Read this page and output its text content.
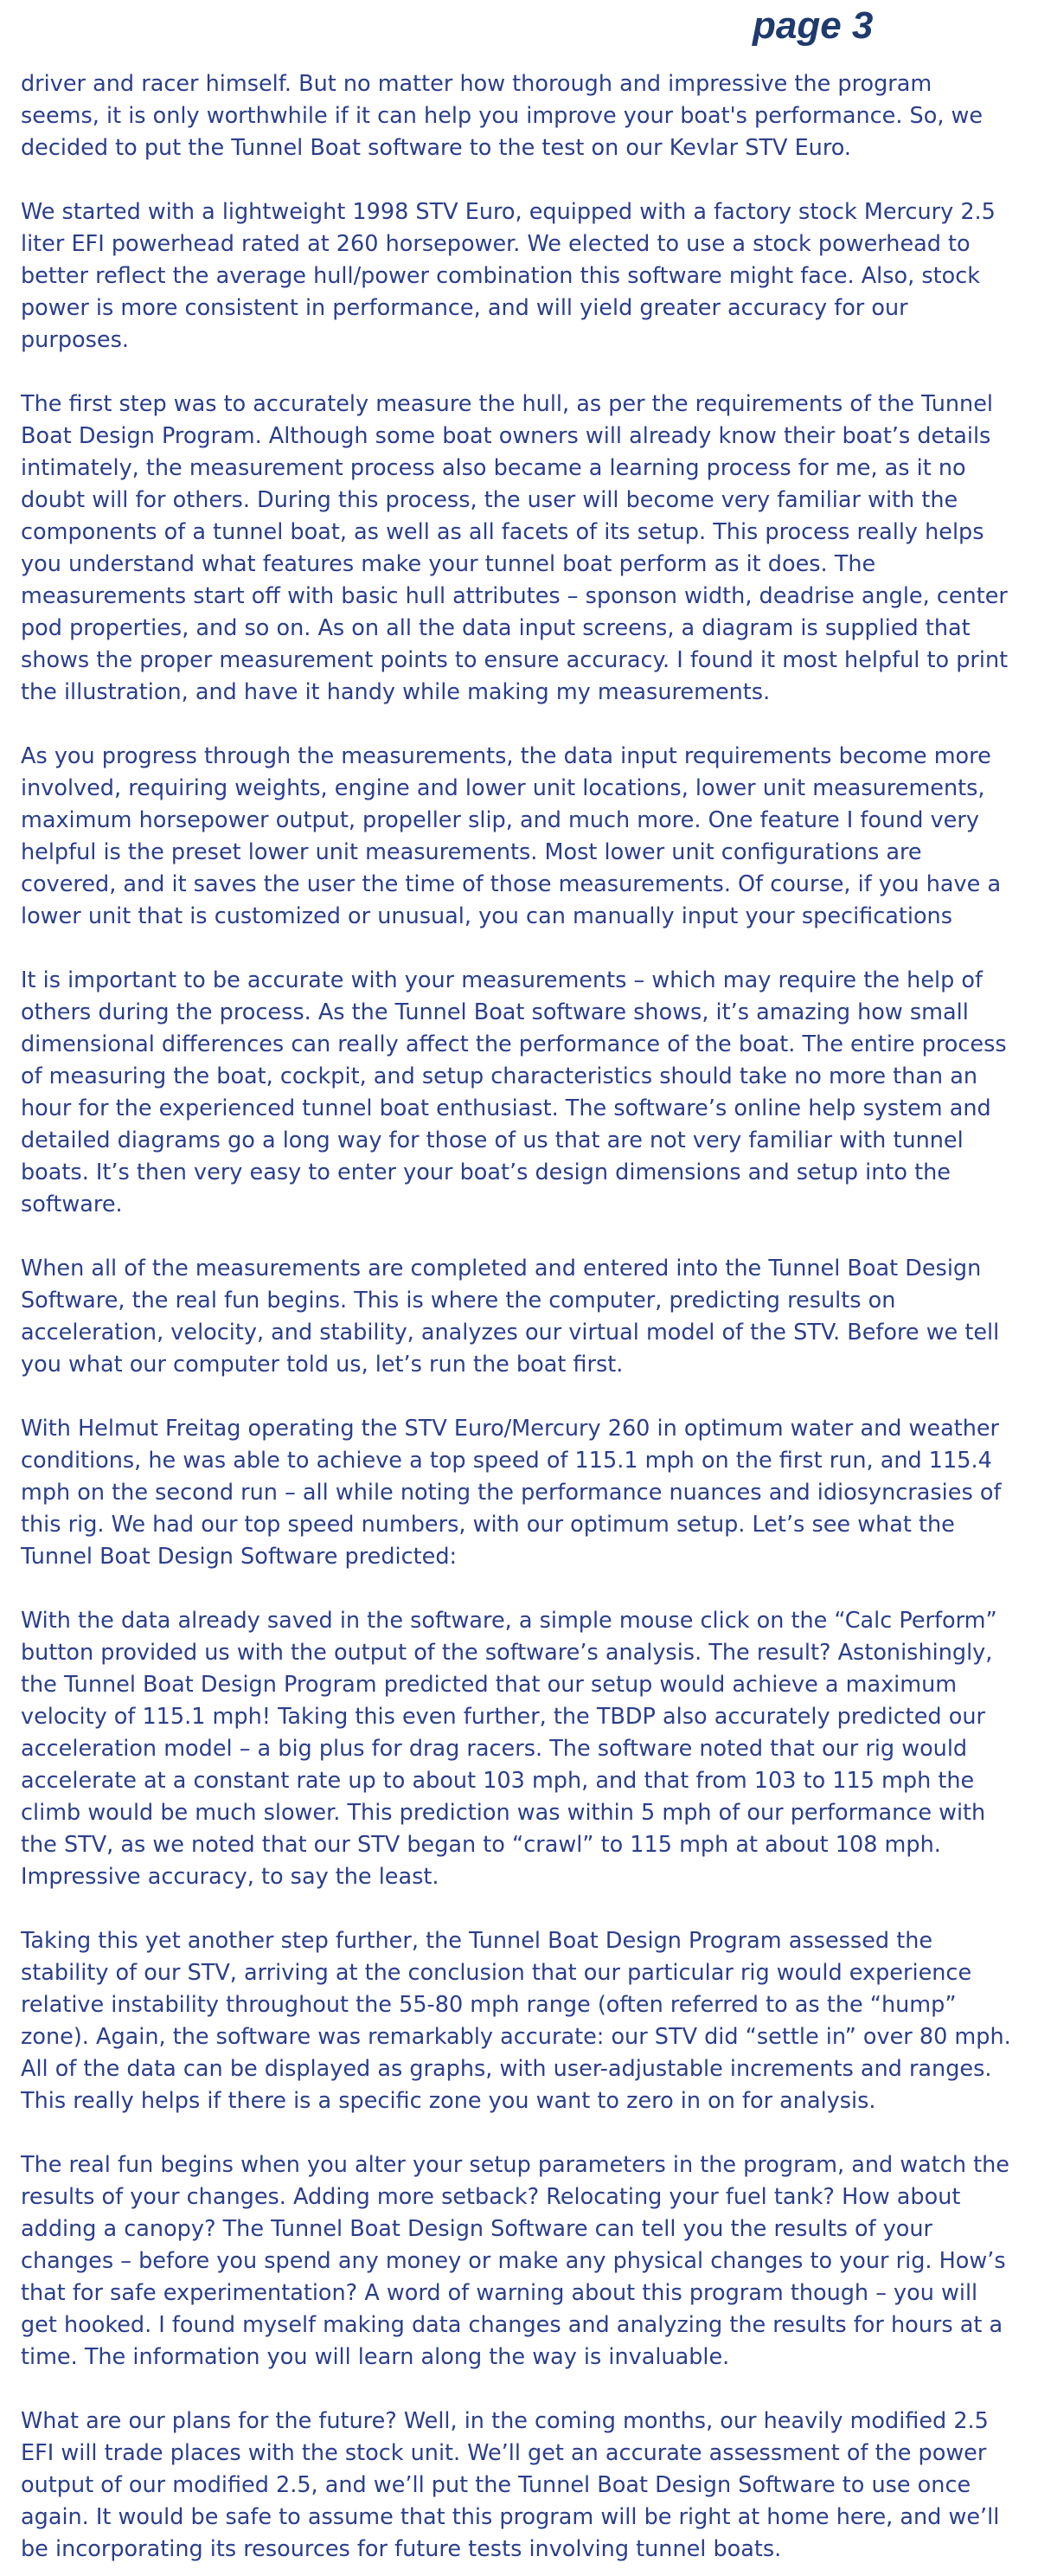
page 3

driver and racer himself. But no matter how thorough and impressive the program seems, it is only worthwhile if it can help you improve your boat's performance. So, we decided to put the Tunnel Boat software to the test on our Kevlar STV Euro.

We started with a lightweight 1998 STV Euro, equipped with a factory stock Mercury 2.5 liter EFI powerhead rated at 260 horsepower. We elected to use a stock powerhead to better reflect the average hull/power combination this software might face. Also, stock power is more consistent in performance, and will yield greater accuracy for our purposes.

The first step was to accurately measure the hull, as per the requirements of the Tunnel Boat Design Program. Although some boat owners will already know their boat’s details intimately, the measurement process also became a learning process for me, as it no doubt will for others. During this process, the user will become very familiar with the components of a tunnel boat, as well as all facets of its setup. This process really helps you understand what features make your tunnel boat perform as it does. The measurements start off with basic hull attributes – sponson width, deadrise angle, center pod properties, and so on. As on all the data input screens, a diagram is supplied that shows the proper measurement points to ensure accuracy. I found it most helpful to print the illustration, and have it handy while making my measurements.

As you progress through the measurements, the data input requirements become more involved, requiring weights, engine and lower unit locations, lower unit measurements, maximum horsepower output, propeller slip, and much more. One feature I found very helpful is the preset lower unit measurements. Most lower unit configurations are covered, and it saves the user the time of those measurements. Of course, if you have a lower unit that is customized or unusual, you can manually input your specifications

It is important to be accurate with your measurements – which may require the help of others during the process. As the Tunnel Boat software shows, it’s amazing how small dimensional differences can really affect the performance of the boat. The entire process of measuring the boat, cockpit, and setup characteristics should take no more than an hour for the experienced tunnel boat enthusiast. The software’s online help system and detailed diagrams go a long way for those of us that are not very familiar with tunnel boats. It’s then very easy to enter your boat’s design dimensions and setup into the software.

When all of the measurements are completed and entered into the Tunnel Boat Design Software, the real fun begins. This is where the computer, predicting results on acceleration, velocity, and stability, analyzes our virtual model of the STV. Before we tell you what our computer told us, let’s run the boat first.

With Helmut Freitag operating the STV Euro/Mercury 260 in optimum water and weather conditions, he was able to achieve a top speed of 115.1 mph on the first run, and 115.4 mph on the second run – all while noting the performance nuances and idiosyncrasies of this rig. We had our top speed numbers, with our optimum setup. Let’s see what the Tunnel Boat Design Software predicted:

With the data already saved in the software, a simple mouse click on the “Calc Perform” button provided us with the output of the software’s analysis. The result? Astonishingly, the Tunnel Boat Design Program predicted that our setup would achieve a maximum velocity of 115.1 mph! Taking this even further, the TBDP also accurately predicted our acceleration model – a big plus for drag racers. The software noted that our rig would accelerate at a constant rate up to about 103 mph, and that from 103 to 115 mph the climb would be much slower. This prediction was within 5 mph of our performance with the STV, as we noted that our STV began to “crawl” to 115 mph at about 108 mph. Impressive accuracy, to say the least.

Taking this yet another step further, the Tunnel Boat Design Program assessed the stability of our STV, arriving at the conclusion that our particular rig would experience relative instability throughout the 55-80 mph range (often referred to as the “hump” zone). Again, the software was remarkably accurate: our STV did “settle in” over 80 mph. All of the data can be displayed as graphs, with user-adjustable increments and ranges. This really helps if there is a specific zone you want to zero in on for analysis.

The real fun begins when you alter your setup parameters in the program, and watch the results of your changes. Adding more setback? Relocating your fuel tank? How about adding a canopy? The Tunnel Boat Design Software can tell you the results of your changes – before you spend any money or make any physical changes to your rig. How’s that for safe experimentation? A word of warning about this program though – you will get hooked. I found myself making data changes and analyzing the results for hours at a time. The information you will learn along the way is invaluable.

What are our plans for the future? Well, in the coming months, our heavily modified 2.5 EFI will trade places with the stock unit. We’ll get an accurate assessment of the power output of our modified 2.5, and we’ll put the Tunnel Boat Design Software to use once again. It would be safe to assume that this program will be right at home here, and we’ll be incorporating its resources for future tests involving tunnel boats.
